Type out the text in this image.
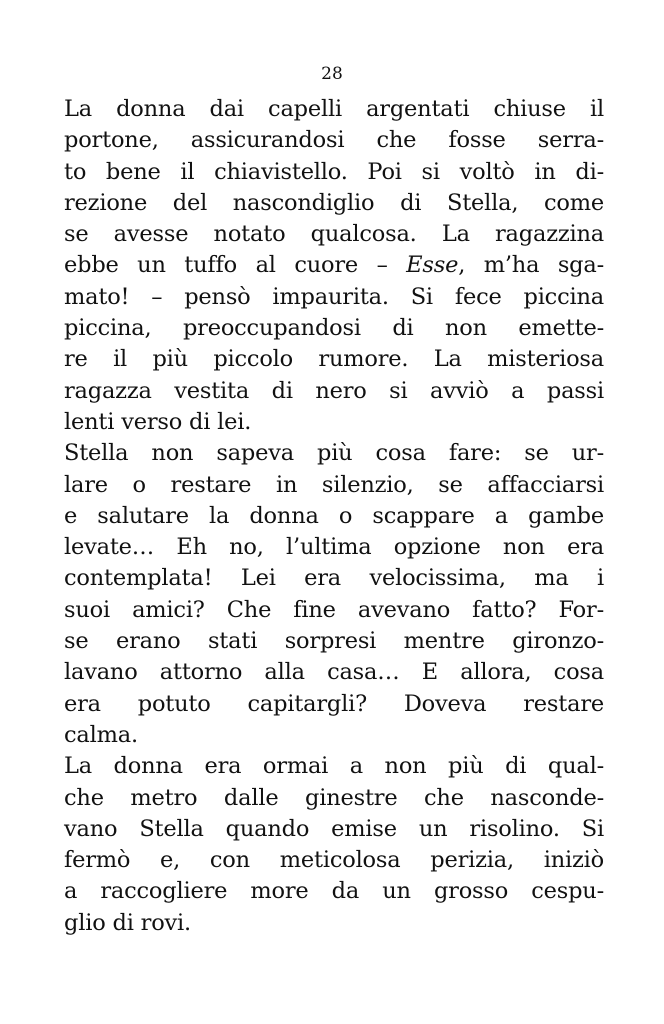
28
La donna dai capelli argentati chiuse il
portone, assicurandosi che fosse serra-
to bene il chiavistello. Poi si voltò in di-
rezione del nascondiglio di Stella, come
se avesse notato qualcosa. La ragazzina
ebbe un tuffo al cuore – Esse, m’ha sga-
mato! – pensò impaurita. Si fece piccina
piccina, preoccupandosi di non emette-
re il più piccolo rumore. La misteriosa
ragazza vestita di nero si avviò a passi
lenti verso di lei.
Stella non sapeva più cosa fare: se ur-
lare o restare in silenzio, se affacciarsi
e salutare la donna o scappare a gambe
levate… Eh no, l’ultima opzione non era
contemplata! Lei era velocissima, ma i
suoi amici? Che fine avevano fatto? For-
se erano stati sorpresi mentre gironzo-
lavano attorno alla casa… E allora, cosa
era potuto capitargli? Doveva restare
calma.
La donna era ormai a non più di qual-
che metro dalle ginestre che nasconde-
vano Stella quando emise un risolino. Si
fermò e, con meticolosa perizia, iniziò
a raccogliere more da un grosso cespu-
glio di rovi.
